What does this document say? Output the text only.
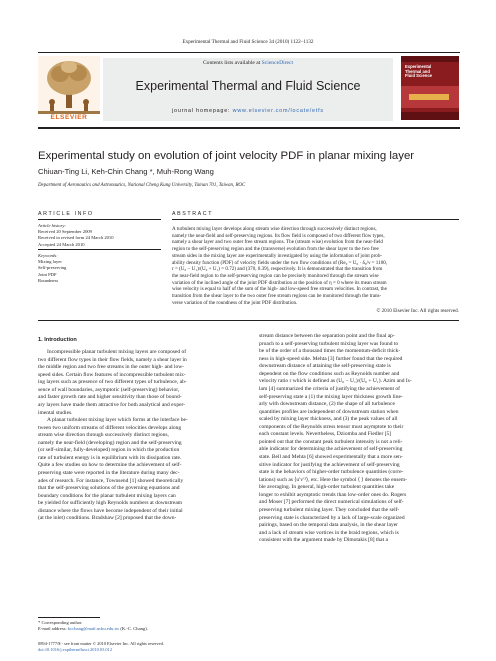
Experimental Thermal and Fluid Science 34 (2010) 1122–1132
ELSEVIER
Contents lists available at ScienceDirect
Experimental Thermal and Fluid Science
journal homepage: www.elsevier.com/locate/etfs
Experimental
Thermal and
Fluid Science
Experimental study on evolution of joint velocity PDF in planar mixing layer
Chiuan-Ting Li, Keh-Chin Chang *, Muh-Rong Wang
Department of Aeronautics and Astronautics, National Cheng Kung University, Tainan 701, Taiwan, ROC
ARTICLE INFO
Article history:
Received 20 September 2009
Received in revised form 24 March 2010
Accepted 24 March 2010
Keywords:
Mixing layer
Self-preserving
Joint PDF
Roundness
ABSTRACT
A turbulent mixing layer develops along stream wise direction through successively distinct regions,
namely the near-field and self-preserving regions. Its flow field is composed of two different flow types,
namely a shear layer and two outer free stream regions. The (stream wise) evolution from the near-field
region to the self-preserving region and the (transverse) evolution from the shear layer to the two free
stream sides in the mixing layer are experimentally investigated by using the information of joint prob-
ability density function (PDF) of velocity fields under the two flow conditions of (Re₀ = U₀ · δ₀/ν = 1100,
r = (U₀ − U₁)/(U₀ + U₁) = 0.72) and (370, 0.39), respectively. It is demonstrated that the transition from
the near-field region to the self-preserving region can be precisely monitored through the stream wise
variation of the inclined angle of the joint PDF distribution at the position of η = 0 where its mean stream
wise velocity is equal to half of the sum of the high- and low-speed free stream velocities. In contrast, the
transition from the shear layer to the two outer free stream regions can be monitored through the trans-
verse variation of the roundness of the joint PDF distribution.
© 2010 Elsevier Inc. All rights reserved.
1. Introduction
Incompressible planar turbulent mixing layers are composed of
two different flow types in their flow fields, namely a shear layer in
the middle region and two free streams in the outer high- and low-
speed sides. Certain flow features of incompressible turbulent mix-
ing layers such as presence of two different types of turbulence, ab-
sence of wall boundaries, asymptotic (self-preserving) behavior,
and faster growth rate and higher sensitivity than those of bound-
ary layers have made them attractive for both analytical and exper-
imental studies.
A planar turbulent mixing layer which forms at the interface be-
tween two uniform streams of different velocities develops along
stream wise direction through successively distinct regions,
namely the near-field (developing) region and the self-preserving
(or self-similar, fully-developed) region in which the production
rate of turbulent energy is in equilibrium with its dissipation rate.
Quite a few studies on how to determine the achievement of self-
preserving state were reported in the literature during many dec-
ades of research. For instance, Townsend [1] showed theoretically
that the self-preserving solutions of the governing equations and
boundary conditions for the planar turbulent mixing layers can
be yielded for sufficiently high Reynolds numbers at downstream
distance where the flows have become independent of their initial
(at the inlet) conditions. Bradshaw [2] proposed that the down-
stream distance between the separation point and the final ap-
proach to a self-preserving turbulent mixing layer was found to
be of the order of a thousand times the momentum-deficit thick-
ness in high-speed side. Mehta [3] further found that the required
downstream distance of attaining the self-preserving state is
dependent on the flow conditions such as Reynolds number and
velocity ratio r which is defined as (U₀ − U₁)/(U₀ + U₁). Azim and Is-
lam [4] summarized the criteria of justifying the achievement of
self-preserving state a (1) the mixing layer thickness growth line-
arly with downstream distance, (2) the shape of all turbulence
quantities profiles are independent of downstream station when
scaled by mixing layer thickness, and (3) the peak values of all
components of the Reynolds stress tensor must asymptote to their
each constant levels. Nevertheless, Dziomba and Fiedler [5]
pointed out that the constant peak turbulent intensity is not a reli-
able indicator for determining the achievement of self-preserving
state. Bell and Mehta [6] showed experimentally that a more sen-
sitive indicator for justifying the achievement of self-preserving
state is the behaviors of higher-order turbulence quantities (corre-
lations) such as ⟨u′v′²⟩, etc. Here the symbol ⟨ ⟩ denotes the ensem-
ble averaging. In general, high-order turbulent quantities take
longer to exhibit asymptotic trends than low-order ones do. Rogers
and Moser [7] performed the direct numerical simulations of self-
preserving turbulent mixing layer. They concluded that the self-
preserving state is characterized by a lack of large-scale organized
pairings, based on the temporal data analysis, in the shear layer
and a lack of stream wise vortices in the braid regions, which is
consistent with the argument made by Dimotakis [8] that a
* Corresponding author.
E-mail address: kcchang@mail.ncku.edu.tw (K.-C. Chang).
0894-1777/$ - see front matter © 2010 Elsevier Inc. All rights reserved.
doi:10.1016/j.expthermflusci.2010.03.012
